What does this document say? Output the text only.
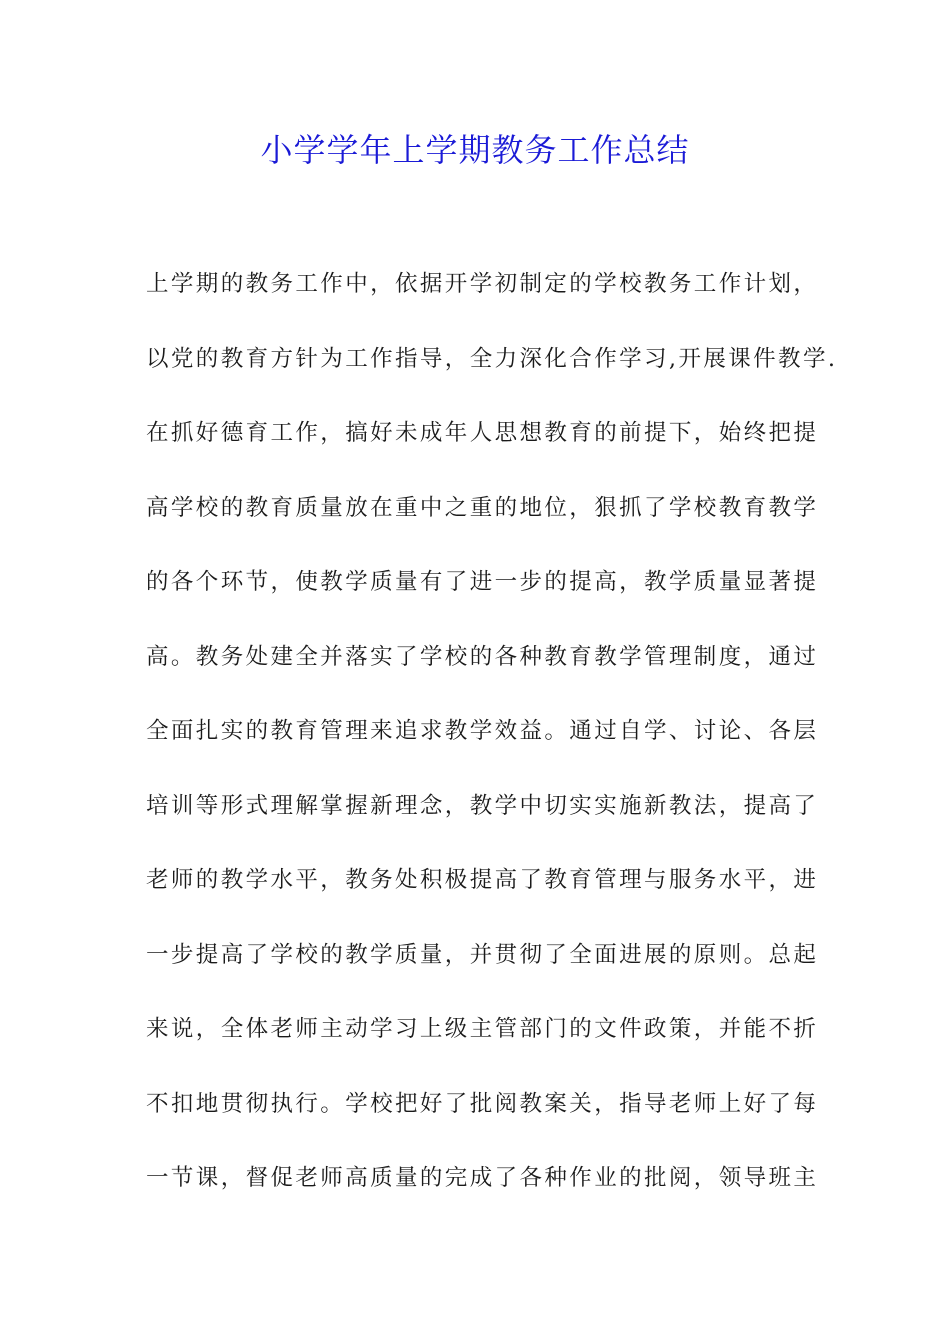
小学学年上学期教务工作总结
上学期的教务工作中，依据开学初制定的学校教务工作计划，
以党的教育方针为工作指导，全力深化合作学习,开展课件教学.
在抓好德育工作，搞好未成年人思想教育的前提下，始终把提
高学校的教育质量放在重中之重的地位，狠抓了学校教育教学
的各个环节，使教学质量有了进一步的提高，教学质量显著提
高。教务处建全并落实了学校的各种教育教学管理制度，通过
全面扎实的教育管理来追求教学效益。通过自学、讨论、各层
培训等形式理解掌握新理念，教学中切实实施新教法，提高了
老师的教学水平，教务处积极提高了教育管理与服务水平，进
一步提高了学校的教学质量，并贯彻了全面进展的原则。总起
来说，全体老师主动学习上级主管部门的文件政策，并能不折
不扣地贯彻执行。学校把好了批阅教案关，指导老师上好了每
一节课，督促老师高质量的完成了各种作业的批阅，领导班主
